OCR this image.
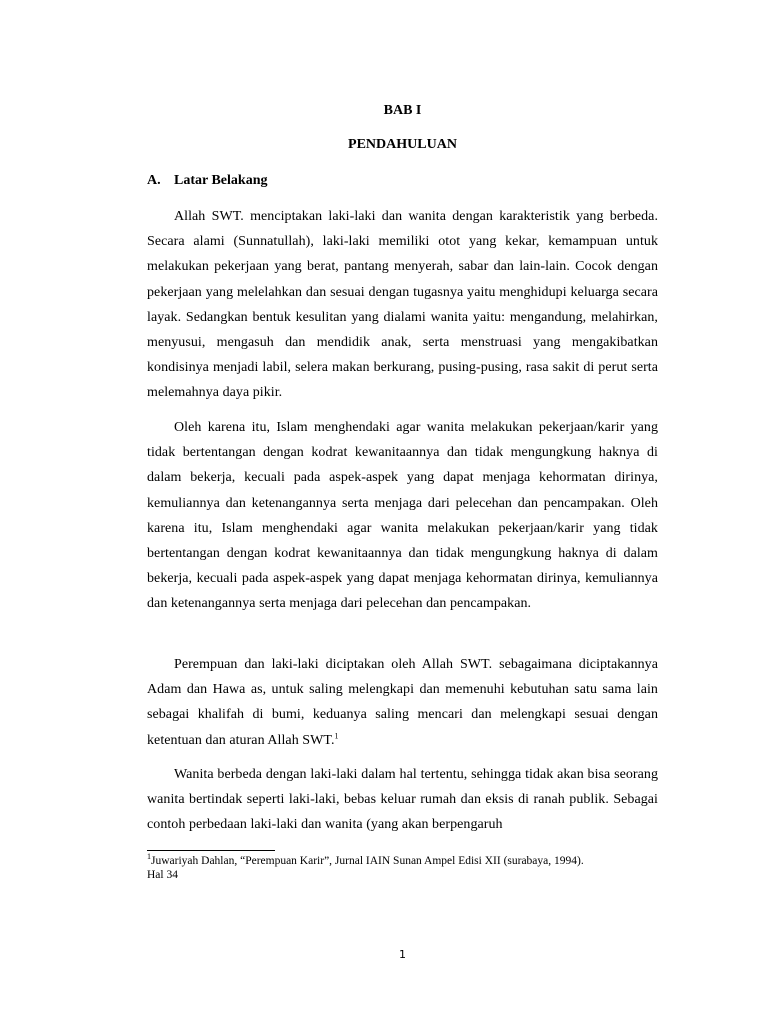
BAB I
PENDAHULUAN
A. Latar Belakang

Allah SWT. menciptakan laki-laki dan wanita dengan karakteristik yang berbeda. Secara alami (Sunnatullah), laki-laki memiliki otot yang kekar, kemampuan untuk melakukan pekerjaan yang berat, pantang menyerah, sabar dan lain-lain. Cocok dengan pekerjaan yang melelahkan dan sesuai dengan tugasnya yaitu menghidupi keluarga secara layak. Sedangkan bentuk kesulitan yang dialami wanita yaitu: mengandung, melahirkan, menyusui, mengasuh dan mendidik anak, serta menstruasi yang mengakibatkan kondisinya menjadi labil, selera makan berkurang, pusing-pusing, rasa sakit di perut serta melemahnya daya pikir.

Oleh karena itu, Islam menghendaki agar wanita melakukan pekerjaan/karir yang tidak bertentangan dengan kodrat kewanitaannya dan tidak mengungkung haknya di dalam bekerja, kecuali pada aspek-aspek yang dapat menjaga kehormatan dirinya, kemuliannya dan ketenangannya serta menjaga dari pelecehan dan pencampakan. Oleh karena itu, Islam menghendaki agar wanita melakukan pekerjaan/karir yang tidak bertentangan dengan kodrat kewanitaannya dan tidak mengungkung haknya di dalam bekerja, kecuali pada aspek-aspek yang dapat menjaga kehormatan dirinya, kemuliannya dan ketenangannya serta menjaga dari pelecehan dan pencampakan.

Perempuan dan laki-laki diciptakan oleh Allah SWT. sebagaimana diciptakannya Adam dan Hawa as, untuk saling melengkapi dan memenuhi kebutuhan satu sama lain sebagai khalifah di bumi, keduanya saling mencari dan melengkapi sesuai dengan ketentuan dan aturan Allah SWT.$^1$

Wanita berbeda dengan laki-laki dalam hal tertentu, sehingga tidak akan bisa seorang wanita bertindak seperti laki-laki, bebas keluar rumah dan eksis di ranah publik. Sebagai contoh perbedaan laki-laki dan wanita (yang akan berpengaruh

$^1$Juwariyah Dahlan, “Perempuan Karir”, Jurnal IAIN Sunan Ampel Edisi XII (surabaya, 1994).
Hal 34
1
